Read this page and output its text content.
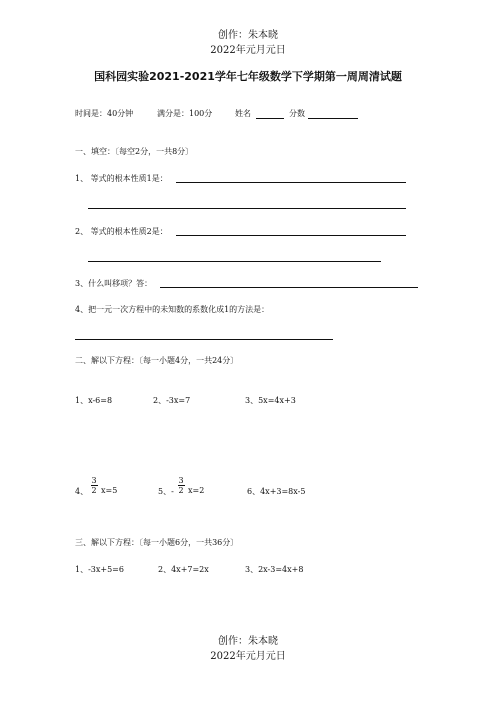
创作：朱本晓
2022年元月元日
国科园实验2021-2021学年七年级数学下学期第一周周清试题
时间是：40分钟	满分是：100分	姓名	分数
一、填空：〔每空2分，一共8分〕
1、 等式的根本性质1是：
2、 等式的根本性质2是：
3、什么叫移项？答：
4、把一元一次方程中的未知数的系数化成1的方法是：
二、解以下方程：〔每一小题4分，一共24分〕
1、x-6=8	2、-3x=7	3、5x=4x+3
4、
3
2 x=5	5、-
3
2 x=2	6、4x+3=8x-5
三、解以下方程：〔每一小题6分，一共36分〕
1、-3x+5=6	2、4x+7=2x	3、2x-3=4x+8
创作：朱本晓
2022年元月元日
